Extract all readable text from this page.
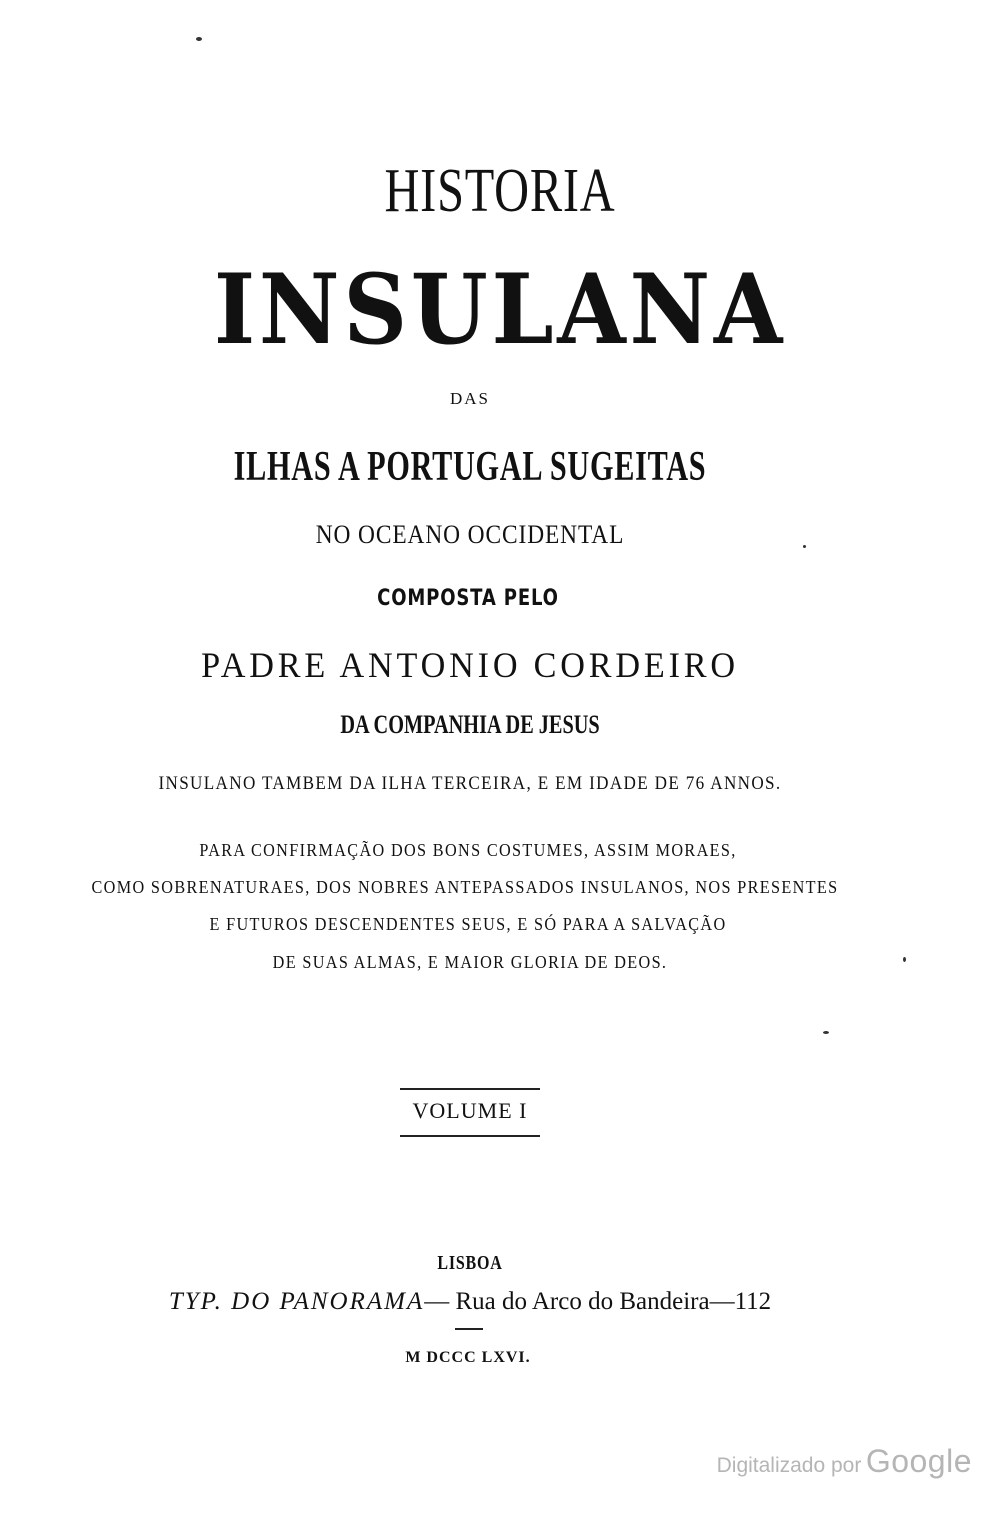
HISTORIA
INSULANA
DAS
ILHAS A PORTUGAL SUGEITAS
NO OCEANO OCCIDENTAL
COMPOSTA PELO
PADRE ANTONIO CORDEIRO
DA COMPANHIA DE JESUS
INSULANO TAMBEM DA ILHA TERCEIRA, E EM IDADE DE 76 ANNOS.
PARA CONFIRMAÇÃO DOS BONS COSTUMES, ASSIM MORAES,
COMO SOBRENATURAES, DOS NOBRES ANTEPASSADOS INSULANOS, NOS PRESENTES
E FUTUROS DESCENDENTES SEUS, E SÓ PARA A SALVAÇÃO
DE SUAS ALMAS, E MAIOR GLORIA DE DEOS.
VOLUME I
LISBOA
TYP. DO PANORAMA— Rua do Arco do Bandeira—112
M DCCC LXVI.
Digitalizado por Google
